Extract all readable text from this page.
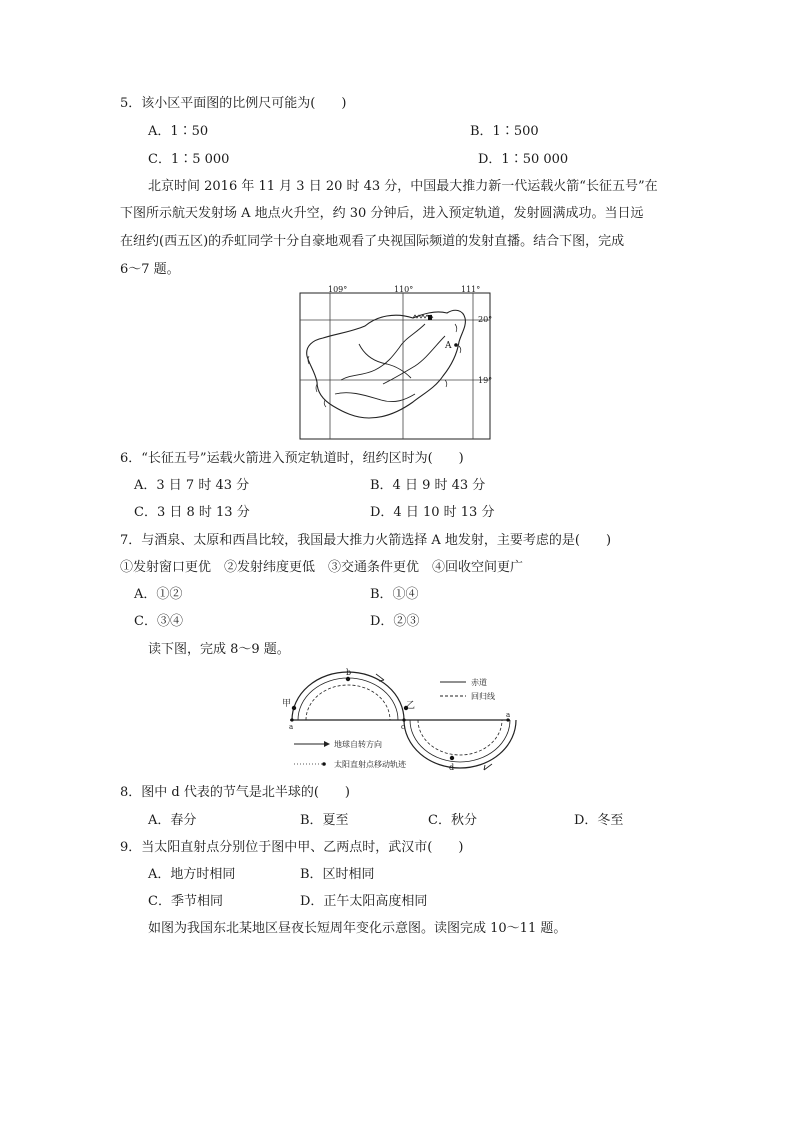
5．该小区平面图的比例尺可能为(　　)
A．1∶50	B．1∶500
C．1∶5 000	D．1∶50 000
北京时间 2016 年 11 月 3 日 20 时 43 分，中国最大推力新一代运载火箭“长征五号”在
下图所示航天发射场 A 地点火升空，约 30 分钟后，进入预定轨道，发射圆满成功。当日远
在纽约(西五区)的乔虹同学十分自豪地观看了央视国际频道的发射直播。结合下图，完成
6～7 题。
109°	110°	111°
20°
19°
A
6．“长征五号”运载火箭进入预定轨道时，纽约区时为(　　)
A．3 日 7 时 43 分	B．4 日 9 时 43 分
C．3 日 8 时 13 分	D．4 日 10 时 13 分
7．与酒泉、太原和西昌比较，我国最大推力火箭选择 A 地发射，主要考虑的是(　　)
①发射窗口更优　②发射纬度更低　③交通条件更优　④回收空间更广
A．①②	B．①④
C．③④	D．②③
读下图，完成 8～9 题。
b
甲	乙
d
a	c
a
赤道
回归线
地球自转方向
太阳直射点移动轨迹
8．图中 d 代表的节气是北半球的(　　)
A．春分	B．夏至	C．秋分	D．冬至
9．当太阳直射点分别位于图中甲、乙两点时，武汉市(　　)
A．地方时相同	B．区时相同
C．季节相同	D．正午太阳高度相同
如图为我国东北某地区昼夜长短周年变化示意图。读图完成 10～11 题。
